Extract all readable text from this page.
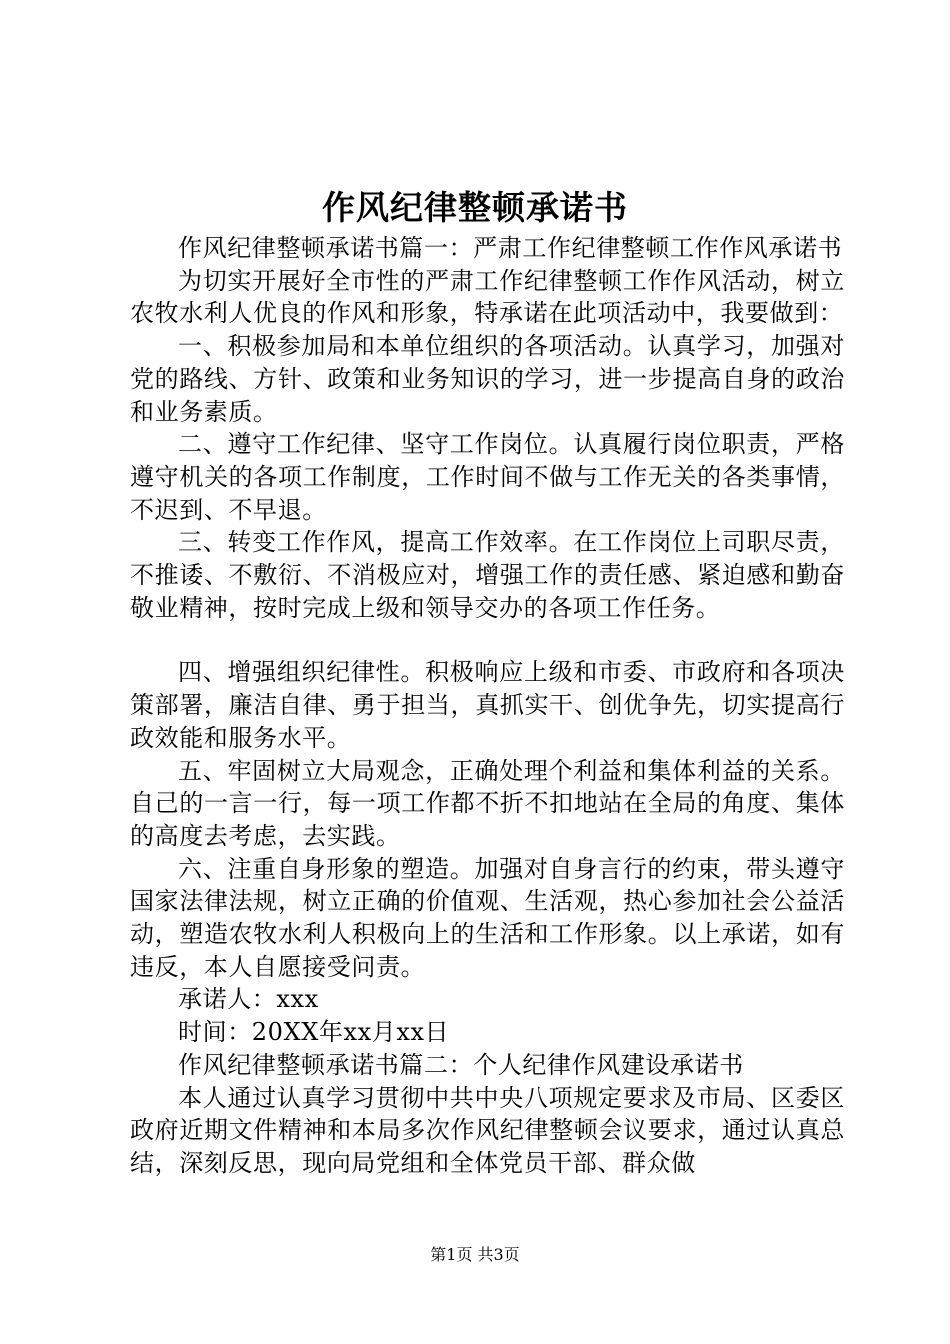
作风纪律整顿承诺书

作风纪律整顿承诺书篇一：严肃工作纪律整顿工作作风承诺书

为切实开展好全市性的严肃工作纪律整顿工作作风活动，树立农牧水利人优良的作风和形象，特承诺在此项活动中，我要做到：

一、积极参加局和本单位组织的各项活动。认真学习，加强对党的路线、方针、政策和业务知识的学习，进一步提高自身的政治和业务素质。

二、遵守工作纪律、坚守工作岗位。认真履行岗位职责，严格遵守机关的各项工作制度，工作时间不做与工作无关的各类事情，不迟到、不早退。

三、转变工作作风，提高工作效率。在工作岗位上司职尽责，不推诿、不敷衍、不消极应对，增强工作的责任感、紧迫感和勤奋敬业精神，按时完成上级和领导交办的各项工作任务。

四、增强组织纪律性。积极响应上级和市委、市政府和各项决策部署，廉洁自律、勇于担当，真抓实干、创优争先，切实提高行政效能和服务水平。

五、牢固树立大局观念，正确处理个利益和集体利益的关系。自己的一言一行，每一项工作都不折不扣地站在全局的角度、集体的高度去考虑，去实践。

六、注重自身形象的塑造。加强对自身言行的约束，带头遵守国家法律法规，树立正确的价值观、生活观，热心参加社会公益活动，塑造农牧水利人积极向上的生活和工作形象。以上承诺，如有违反，本人自愿接受问责。

承诺人：xxx

时间：20XX年xx月xx日

作风纪律整顿承诺书篇二：个人纪律作风建设承诺书

本人通过认真学习贯彻中共中央八项规定要求及市局、区委区政府近期文件精神和本局多次作风纪律整顿会议要求，通过认真总结，深刻反思，现向局党组和全体党员干部、群众做

第1页 共3页
